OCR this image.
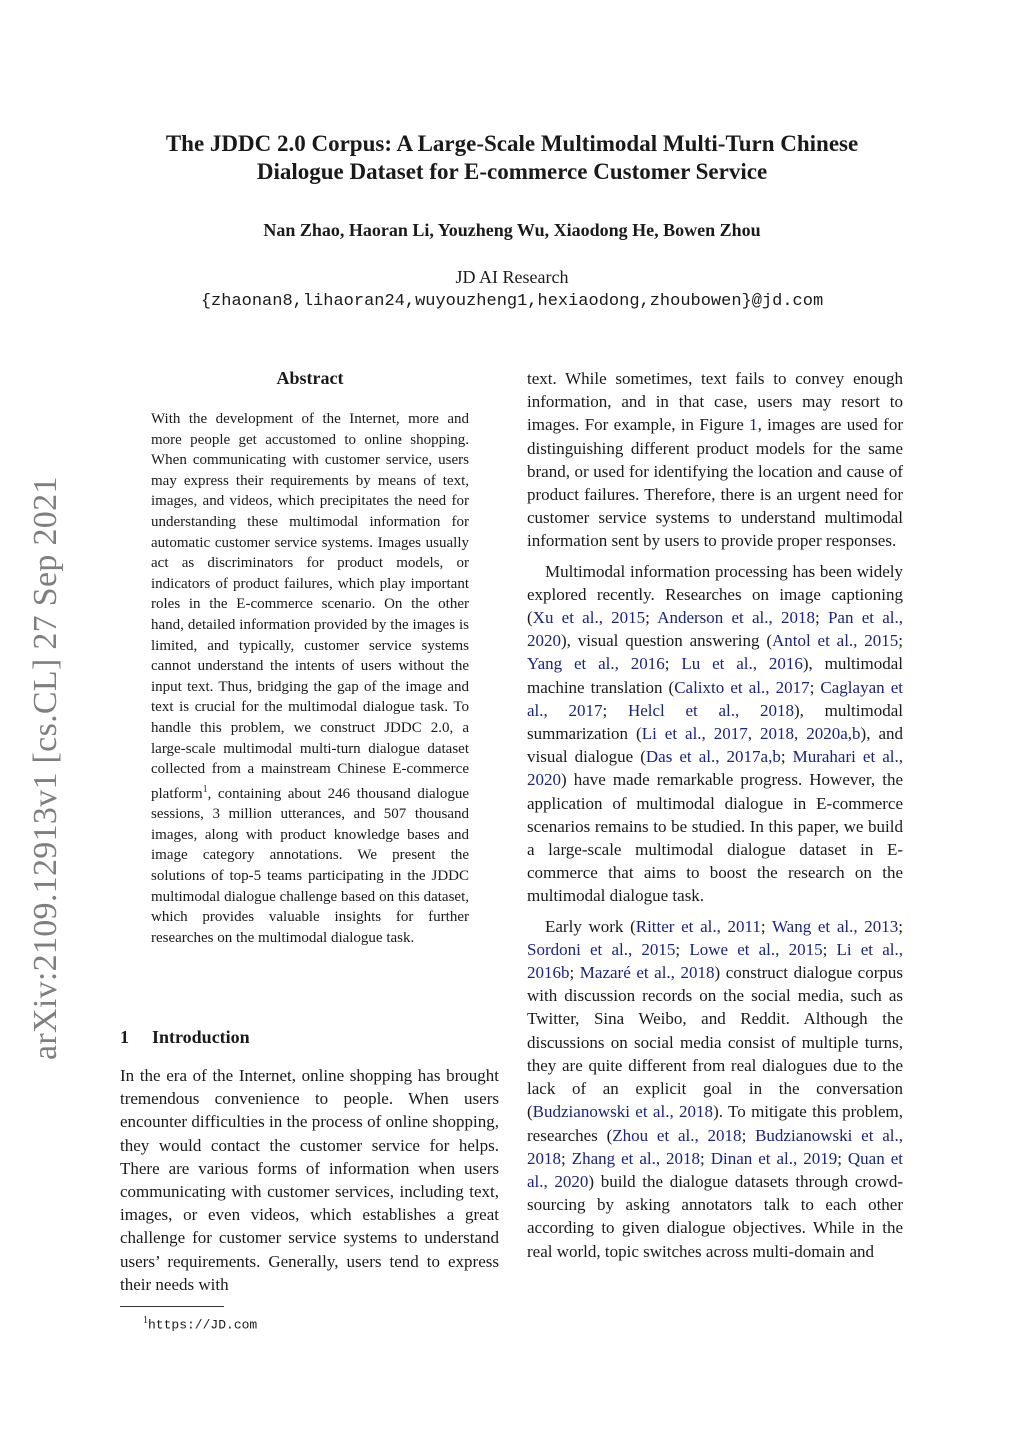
The JDDC 2.0 Corpus: A Large-Scale Multimodal Multi-Turn Chinese
Dialogue Dataset for E-commerce Customer Service
Nan Zhao, Haoran Li, Youzheng Wu, Xiaodong He, Bowen Zhou
JD AI Research
{zhaonan8,lihaoran24,wuyouzheng1,hexiaodong,zhoubowen}@jd.com
arXiv:2109.12913v1 [cs.CL] 27 Sep 2021
Abstract
With the development of the Internet, more and more people get accustomed to online shopping. When communicating with customer service, users may express their requirements by means of text, images, and videos, which precipitates the need for understanding these multimodal information for automatic customer service systems. Images usually act as discriminators for product models, or indicators of product failures, which play important roles in the E-commerce scenario. On the other hand, detailed information provided by the images is limited, and typically, customer service systems cannot understand the intents of users without the input text. Thus, bridging the gap of the image and text is crucial for the multimodal dialogue task. To handle this problem, we construct JDDC 2.0, a large-scale multimodal multi-turn dialogue dataset collected from a mainstream Chinese E-commerce platform$^1$, containing about 246 thousand dialogue sessions, 3 million utterances, and 507 thousand images, along with product knowledge bases and image category annotations. We present the solutions of top-5 teams participating in the JDDC multimodal dialogue challenge based on this dataset, which provides valuable insights for further researches on the multimodal dialogue task.
1 Introduction

In the era of the Internet, online shopping has brought tremendous convenience to people. When users encounter difficulties in the process of online shopping, they would contact the customer service for helps. There are various forms of information when users communicating with customer services, including text, images, or even videos, which establishes a great challenge for customer service systems to understand users’ requirements. Generally, users tend to express their needs with

$^1$https://JD.com

text. While sometimes, text fails to convey enough information, and in that case, users may resort to images. For example, in Figure 1, images are used for distinguishing different product models for the same brand, or used for identifying the location and cause of product failures. Therefore, there is an urgent need for customer service systems to understand multimodal information sent by users to provide proper responses.

Multimodal information processing has been widely explored recently. Researches on image captioning (Xu et al., 2015; Anderson et al., 2018; Pan et al., 2020), visual question answering (Antol et al., 2015; Yang et al., 2016; Lu et al., 2016), multimodal machine translation (Calixto et al., 2017; Caglayan et al., 2017; Helcl et al., 2018), multimodal summarization (Li et al., 2017, 2018, 2020a,b), and visual dialogue (Das et al., 2017a,b; Murahari et al., 2020) have made remarkable progress. However, the application of multimodal dialogue in E-commerce scenarios remains to be studied. In this paper, we build a large-scale multimodal dialogue dataset in E-commerce that aims to boost the research on the multimodal dialogue task.

Early work (Ritter et al., 2011; Wang et al., 2013; Sordoni et al., 2015; Lowe et al., 2015; Li et al., 2016b; Mazaré et al., 2018) construct dialogue corpus with discussion records on the social media, such as Twitter, Sina Weibo, and Reddit. Although the discussions on social media consist of multiple turns, they are quite different from real dialogues due to the lack of an explicit goal in the conversation (Budzianowski et al., 2018). To mitigate this problem, researches (Zhou et al., 2018; Budzianowski et al., 2018; Zhang et al., 2018; Dinan et al., 2019; Quan et al., 2020) build the dialogue datasets through crowd-sourcing by asking annotators talk to each other according to given dialogue objectives. While in the real world, topic switches across multi-domain and
